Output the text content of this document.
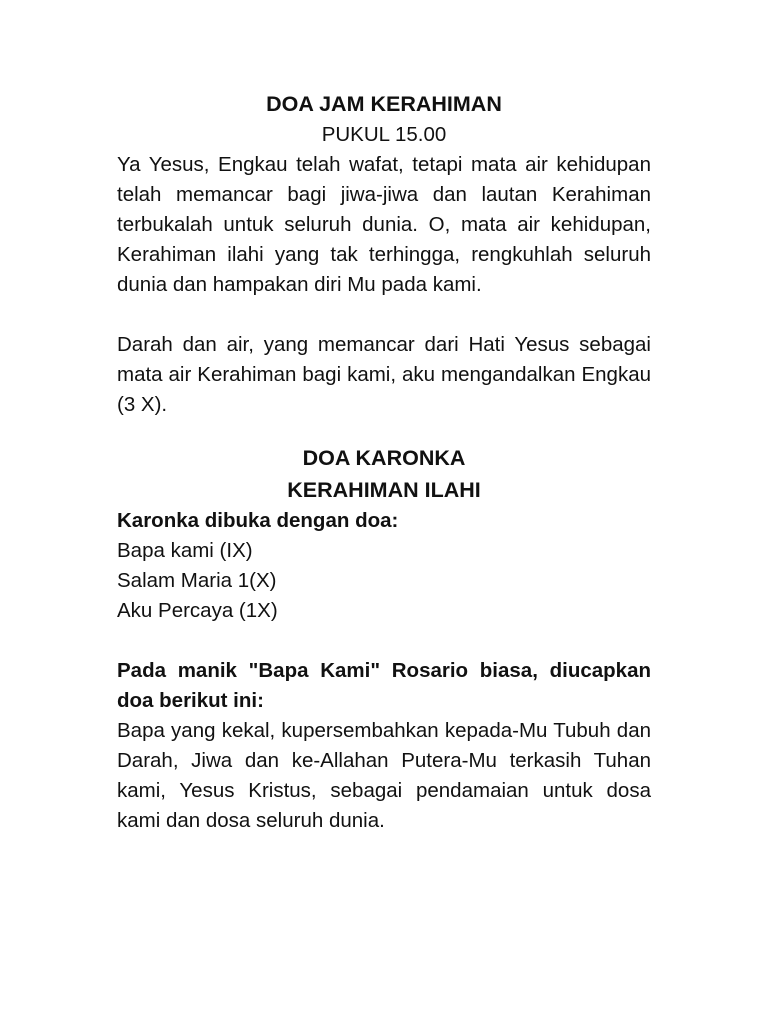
DOA JAM KERAHIMAN

PUKUL 15.00

Ya Yesus, Engkau telah wafat, tetapi mata air kehidupan telah memancar bagi jiwa-jiwa dan lautan Kerahiman terbukalah untuk seluruh dunia. O, mata air kehidupan, Kerahiman ilahi yang tak terhingga, rengkuhlah seluruh dunia dan hampakan diri Mu pada kami.

Darah dan air, yang memancar dari Hati Yesus sebagai mata air Kerahiman bagi kami, aku mengandalkan Engkau (3 X).

DOA KARONKA
KERAHIMAN ILAHI

Karonka dibuka dengan doa:

Bapa kami (IX)

Salam Maria 1(X)

Aku Percaya (1X)

Pada manik "Bapa Kami" Rosario biasa, diucapkan doa berikut ini:

Bapa yang kekal, kupersembahkan kepada-Mu Tubuh dan Darah, Jiwa dan ke-Allahan Putera-Mu terkasih Tuhan kami, Yesus Kristus, sebagai pendamaian untuk dosa kami dan dosa seluruh dunia.
